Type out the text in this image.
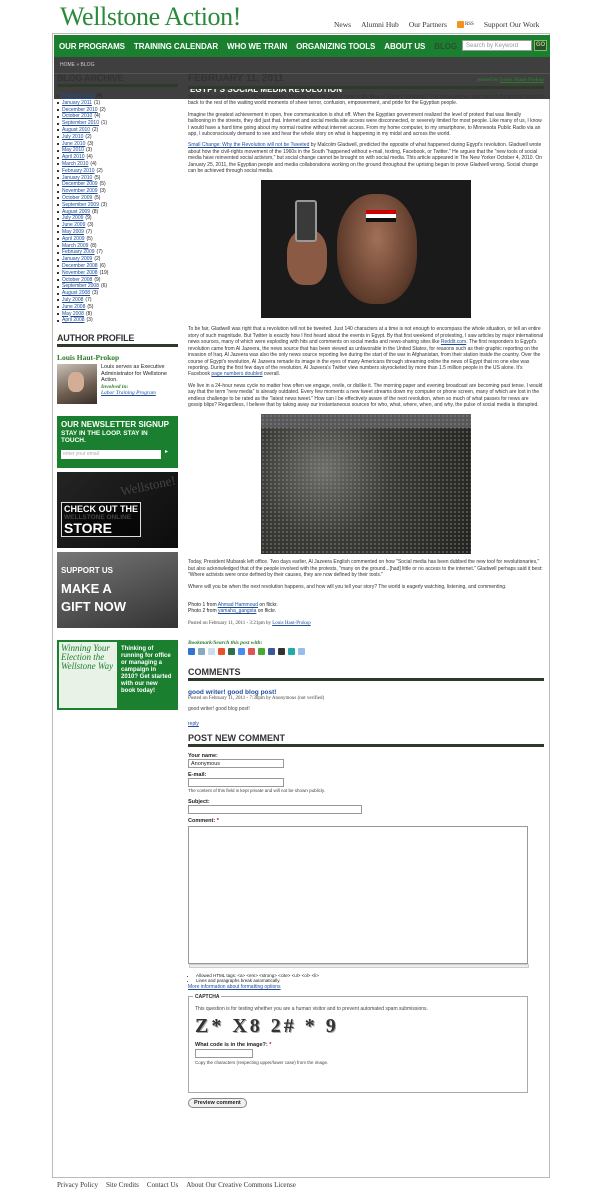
Wellstone Action!	News Alumni Hub Our Partners	RSS Support Our Work
OUR PROGRAMS TRAINING CALENDAR WHO WE TRAIN ORGANIZING TOOLS ABOUT US BLOG	Search by Keyword	GO
HOME » BLOG
EGYPT'S SOCIAL MEDIA REVOLUTION
BLOG ARCHIVE
February 2011 (4)
January 2011 (1)
December 2010 (2)
October 2010 (4)
September 2010 (1)
August 2010 (2)
July 2010 (2)
June 2010 (3)
May 2010 (3)
April 2010 (4)
March 2010 (4)
February 2010 (2)
January 2010 (5)
December 2009 (5)
November 2009 (3)
October 2009 (5)
September 2009 (3)
August 2009 (8)
July 2009 (9)
June 2009 (3)
May 2009 (7)
April 2009 (5)
March 2009 (8)
February 2009 (7)
January 2009 (2)
December 2008 (6)
November 2008 (19)
October 2008 (9)
September 2008 (6)
August 2008 (3)
July 2008 (7)
June 2008 (5)
May 2008 (8)
April 2008 (3)
AUTHOR PROFILE
Louis Haut-Prokop
Louis serves as Executive Administrator for Wellstone Action.
Involved in:
Labor Training Program
OUR NEWSLETTER SIGNUP
STAY IN THE LOOP. STAY IN TOUCH.
enter your email	▸
Wellstone!
CHECK OUT THE
WELLSTONE ONLINE
STORE
SUPPORT US
MAKE A
GIFT NOW
Winning Your Election the Wellstone Way
Thinking of running for office or managing a campaign in 2010? Get started with our new book today!
FEBRUARY 11, 2011	posted by Louis Haut-Prokop

We all have seen the impact of social media, but have we ever seen it done in the likes of Egypt's revolution? The brave women and men on the ground reported back to the rest of the waiting world moments of sheer terror, confusion, empowerment, and pride for the Egyptian people.

Imagine the greatest achievement in open, free communication is shut off. When the Egyptian government realized the level of protest that was literally ballooning in the streets, they did just that. Internet and social media site access were disconnected, or severely limited for most people. Like many of us, I know I would have a hard time going about my normal routine without internet access. From my home computer, to my smartphone, to Minnesota Public Radio via an app, I subconsciously demand to see and hear the whole story on what is happening in my midst and across the world.

Small Change: Why the Revolution will not be Tweeted by Malcolm Gladwell, predicted the opposite of what happened during Egypt's revolution. Gladwell wrote about how the civil-rights movement of the 1960s in the South "happened without e-mail, texting, Facebook, or Twitter." He argues that the "new tools of social media have reinvented social activism," but social change cannot be brought on with social media. This article appeared in The New Yorker October 4, 2010. On January 25, 2011, the Egyptian people and media collaborations working on the ground throughout the uprising began to prove Gladwell wrong. Social change can be achieved through social media.

To be fair, Gladwell was right that a revolution will not be tweeted. Just 140 characters at a time is not enough to encompass the whole situation, or tell an entire story of such magnitude. But Twitter is exactly how I first heard about the events in Egypt. By that first weekend of protesting, I saw articles by major international news sources, many of which were exploding with hits and comments on social media and news-sharing sites like Reddit.com. The first responders to Egypt's revolution came from Al Jazeera, the news source that has been viewed as unfavorable in the United States, for reasons such as their graphic reporting on the invasion of Iraq. Al Jazeera was also the only news source reporting live during the start of the war in Afghanistan, from their station inside the country. Over the course of Egypt's revolution, Al Jazeera remade its image in the eyes of many Americans through streaming online the news of Egypt that no one else was reporting. During the first few days of the revolution, Al Jazeera's Twitter view numbers skyrocketed by more than 1.5 million people in the US alone. It's Facebook page numbers doubled overall.

We live in a 24-hour news cycle no matter how often we engage, revile, or dislike it. The morning paper and evening broadcast are becoming past tense. I would say that the term "new media" is already outdated. Every few moments a new tweet streams down my computer or phone screen, many of which are lost in the endless challenge to be rated as the "latest news tweet." How can I be effectively aware of the next revolution, when so much of what passes for news are gossip blips? Regardless, I believe that by taking away our instantaneous sources for who, what, where, when, and why, the pulse of social media is disrupted.

Today, President Mubarak left office. Two days earlier, Al Jazeera English commented on how "Social media has been dubbed the new tool for revolutionaries," but also acknowledged that of the people involved with the protests, "many on the ground...[had] little or no access to the internet." Gladwell perhaps said it best: "Where activists were once defined by their causes, they are now defined by their tools."

Where will you be when the next revolution happens, and how will you tell your story? The world is eagerly watching, listening, and commenting.

Photo 1 from Ahmad Hammoud on flickr.
Photo 2 from yamaha_gangsta on flickr.
Posted on February 11, 2011 - 3:21pm by Louis Haut-Prokop
Bookmark/Search this post with:
COMMENTS
good writer! good blog post!
Posted on February 11, 2011 - 7:38pm by Anonymous (not verified)
good writer! good blog post!
reply
POST NEW COMMENT
Your name:
Anonymous
E-mail:
The content of this field is kept private and will not be shown publicly.
Subject:
Comment: *
• Allowed HTML tags: <a> <em> <strong> <cite> <ul> <ol> <li>
• Lines and paragraphs break automatically.
More information about formatting options
CAPTCHA
This question is for testing whether you are a human visitor and to prevent automated spam submissions.
Z* X8 2# * 9
What code is in the image?: *
Copy the characters (respecting upper/lower case) from the image.
Preview comment
Privacy Policy Site Credits Contact Us About Our Creative Commons License
